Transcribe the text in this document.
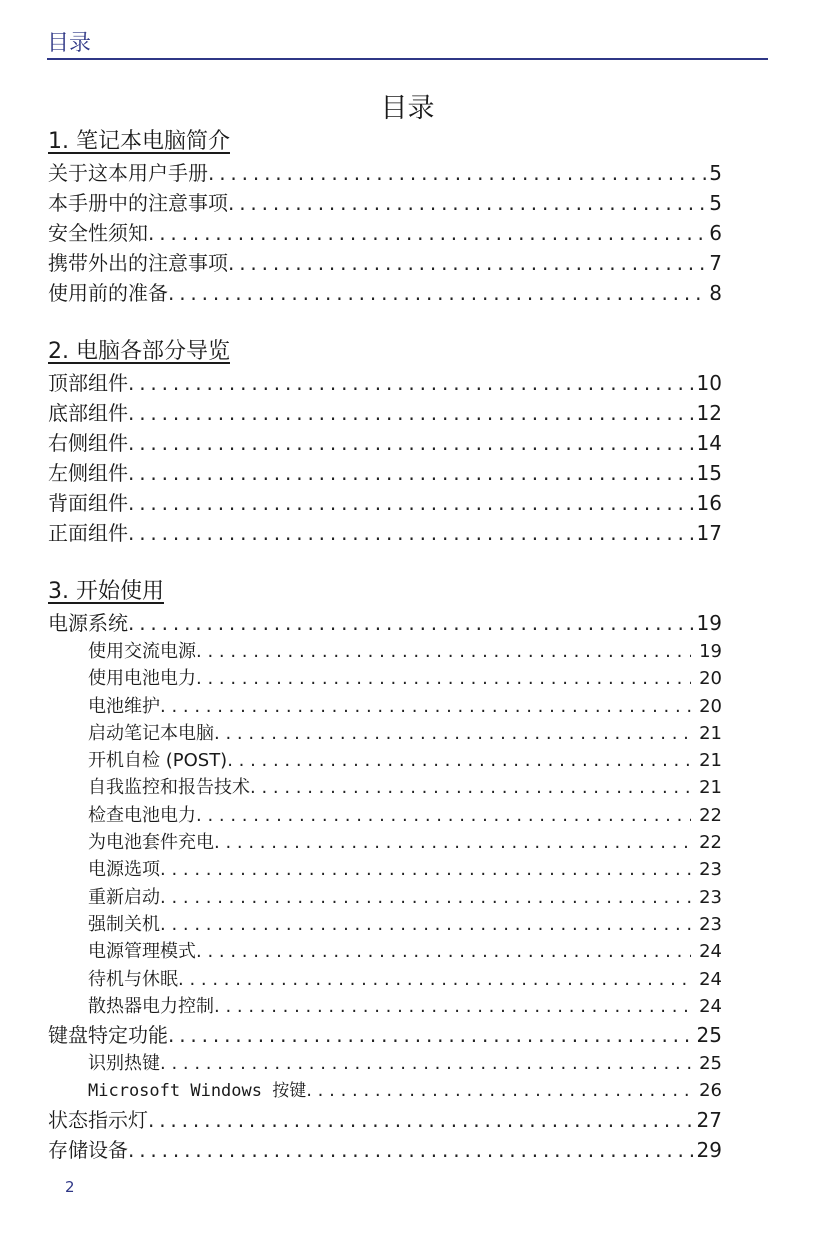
目录
目录
1. 笔记本电脑简介
关于这本用户手册 . . .	5
本手册中的注意事项 . . .	5
安全性须知 . . .	6
携带外出的注意事项 . . .	7
使用前的准备 . . .	8
2. 电脑各部分导览
顶部组件 . . .	10
底部组件 . . .	12
右侧组件 . . .	14
左侧组件 . . .	15
背面组件 . . .	16
正面组件 . . .	17
3. 开始使用
电源系统 . . .	19
使用交流电源 . . .	19
使用电池电力 . . .	20
电池维护 . . .	20
启动笔记本电脑 . . .	21
开机自检 (POST) . . .	21
自我监控和报告技术 . . .	21
检查电池电力 . . .	22
为电池套件充电 . . .	22
电源选项 . . .	23
重新启动 . . .	23
强制关机 . . .	23
电源管理模式 . . .	24
待机与休眠 . . .	24
散热器电力控制 . . .	24
键盘特定功能 . . .	25
识别热键 . . .	25
Microsoft Windows 按键 . . .	26
状态指示灯 . . .	27
存储设备 . . .	29
2
